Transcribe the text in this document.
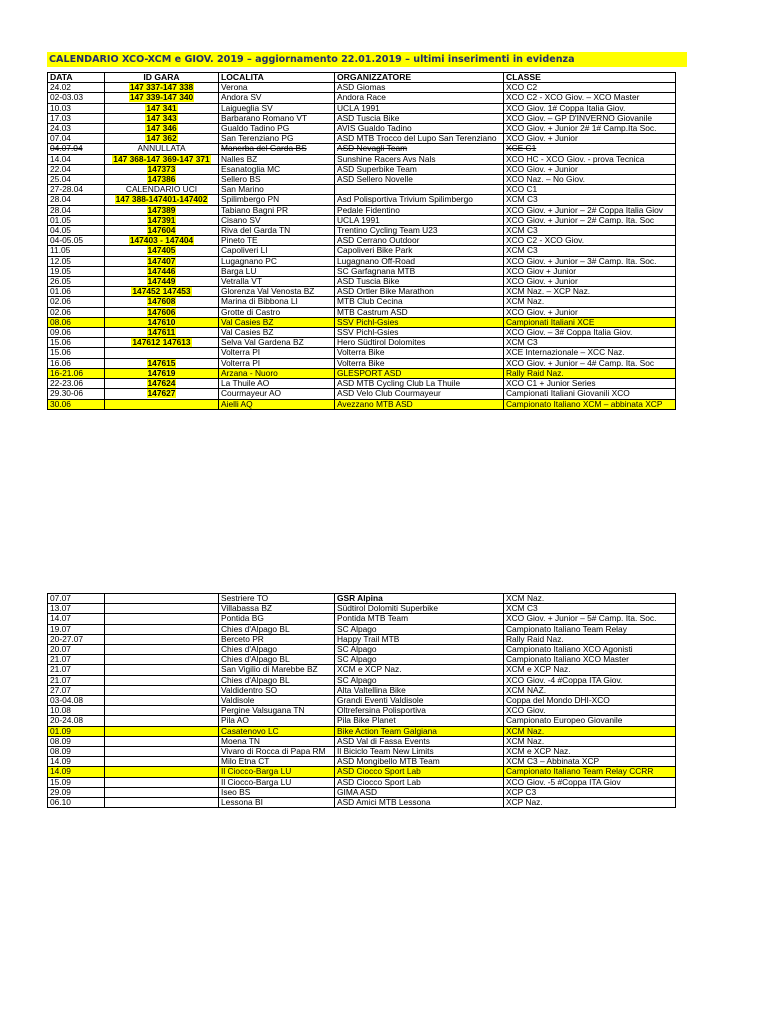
CALENDARIO XCO-XCM e GIOV. 2019 – aggiornamento 22.01.2019 – ultimi inserimenti in evidenza
DATA	ID GARA	LOCALITA	ORGANIZZATORE	CLASSE
24.02	147 337-147 338	Verona	ASD Giomas	XCO C2
02-03.03	147 339-147 340	Andora SV	Andora Race	XCO C2 - XCO Giov. – XCO Master
10.03	147 341	Laigueglia SV	UCLA 1991	XCO Giov. 1# Coppa Italia Giov.
17.03	147 343	Barbarano Romano VT	ASD Tuscia Bike	XCO Giov. – GP D'INVERNO Giovanile
24.03	147 346	Gualdo Tadino PG	AVIS Gualdo Tadino	XCO Giov. + Junior 2# 1# Camp.Ita Soc.
07.04	147 362	San Terenziano PG	ASD MTB Trocco del Lupo San Terenziano	XCO Giov. + Junior
04.07.04	ANNULLATA	Manerba del Garda BS	ASD Nevagli Team	XCE C1
14.04	147 368-147 369-147 371	Nalles BZ	Sunshine Racers Avs Nals	XCO HC - XCO Giov. - prova Tecnica
22.04	147373	Esanatoglia MC	ASD Superbike Team	XCO Giov. + Junior
25.04	147386	Sellero BS	ASD Sellero Novelle	XCO Naz. – No Giov.
27-28.04	CALENDARIO UCI	San Marino		XCO C1
28.04	147 388-147401-147402	Spilimbergo PN	Asd Polisportiva Trivium Spilimbergo	XCM C3
28.04	147389	Tabiano Bagni PR	Pedale Fidentino	XCO Giov. + Junior – 2# Coppa Italia Giov
01.05	147391	Cisano SV	UCLA 1991	XCO Giov. + Junior – 2# Camp. Ita. Soc
04.05	147604	Riva del Garda TN	Trentino Cycling Team U23	XCM C3
04-05.05	147403 - 147404	Pineto TE	ASD Cerrano Outdoor	XCO C2 - XCO Giov.
11.05	147405	Capoliveri LI	Capoliveri Bike Park	XCM C3
12.05	147407	Lugagnano PC	Lugagnano Off-Road	XCO Giov. + Junior – 3# Camp. Ita. Soc.
19.05	147446	Barga LU	SC Garfagnana MTB	XCO Giov + Junior
26.05	147449	Vetralla VT	ASD Tuscia Bike	XCO Giov. + Junior
01.06	147452 147453	Glorenza Val Venosta BZ	ASD Ortler Bike Marathon	XCM Naz. – XCP Naz.
02.06	147608	Marina di Bibbona LI	MTB Club Cecina	XCM Naz.
02.06	147606	Grotte di Castro	MTB Castrum ASD	XCO Giov. + Junior
08.06	147610	Val Casies BZ	SSV Pichl-Gsies	Campionati Italiani XCE
09.06	147611	Val Casies BZ	SSV Pichl-Gsies	XCO Giov. – 3# Coppa Italia Giov.
15.06	147612 147613	Selva Val Gardena BZ	Hero Südtirol Dolomites	XCM C3
15.06		Volterra PI	Volterra Bike	XCE Internazionale – XCC Naz.
16.06	147615	Volterra PI	Volterra Bike	XCO Giov. + Junior – 4# Camp. Ita. Soc
16-21.06	147619	Arzana - Nuoro	GLESPORT ASD	Rally Raid Naz.
22-23.06	147624	La Thuile AO	ASD MTB Cycling Club La Thuile	XCO C1 + Junior Series
29.30-06	147627	Courmayeur AO	ASD Velo Club Courmayeur	Campionati Italiani Giovanili XCO
30.06		Aielli AQ	Avezzano MTB ASD	Campionato Italiano XCM – abbinata XCP
07.07		Sestriere TO	GSR Alpina	XCM Naz.
13.07		Villabassa BZ	Südtirol Dolomiti Superbike	XCM C3
14.07		Pontida BG	Pontida MTB Team	XCO Giov. + Junior – 5# Camp. Ita. Soc.
19.07		Chies d'Alpago BL	SC Alpago	Campionato Italiano Team Relay
20-27.07		Berceto PR	Happy Trail MTB	Rally Raid Naz.
20.07		Chies d'Alpago	SC Alpago	Campionato Italiano XCO Agonisti
21.07		Chies d'Alpago BL	SC Alpago	Campionato Italiano XCO Master
21.07		San Vigilio di Marebbe BZ	XCM e XCP Naz.	XCM e XCP Naz.
21.07		Chies d'Alpago BL	SC Alpago	XCO Giov. -4 #Coppa ITA Giov.
27.07		Valdidentro SO	Alta Valtellina Bike	XCM NAZ.
03-04.08		Valdisole	Grandi Eventi Valdisole	Coppa del Mondo DHI-XCO
10.08		Pergine Valsugana TN	Oltrefersina Polisportiva	XCO Giov.
20-24.08		Pila AO	Pila Bike Planet	Campionato Europeo Giovanile
01.09		Casatenovo LC	Bike Action Team Galgiana	XCM Naz.
08.09		Moena TN	ASD Val di Fassa Events	XCM Naz.
08.09		Vivaro di Rocca di Papa RM	Il Biciclo Team New Limits	XCM e XCP Naz.
14.09		Milo Etna CT	ASD Mongibello MTB Team	XCM C3 – Abbinata XCP
14.09		Il Ciocco-Barga LU	ASD Ciocco Sport Lab	Campionato Italiano Team Relay CCRR
15.09		Il Ciocco-Barga LU	ASD Ciocco Sport Lab	XCO Giov. -5 #Coppa ITA Giov
29.09		Iseo BS	GIMA ASD	XCP C3
06.10		Lessona BI	ASD Amici MTB Lessona	XCP Naz.
